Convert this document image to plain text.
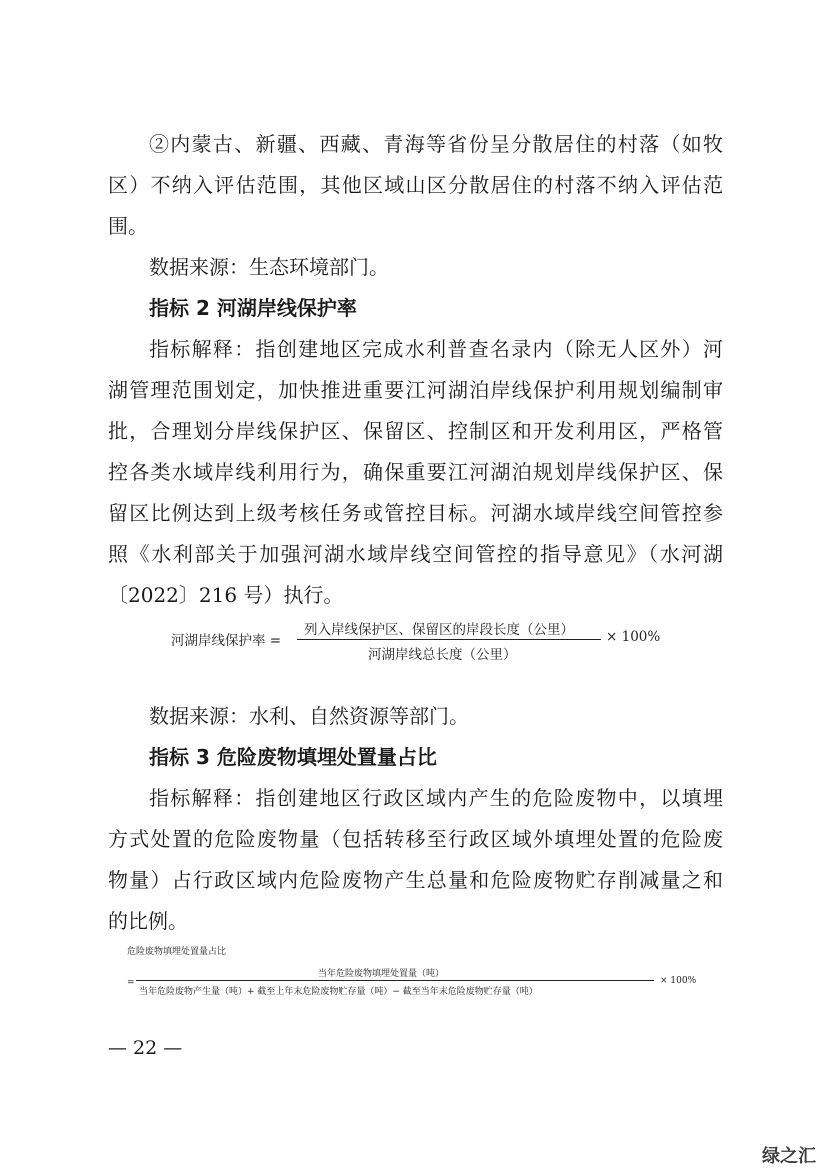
②内蒙古、新疆、西藏、青海等省份呈分散居住的村落（如牧
区）不纳入评估范围，其他区域山区分散居住的村落不纳入评估范
围。
数据来源：生态环境部门。
指标 2 河湖岸线保护率
指标解释：指创建地区完成水利普查名录内（除无人区外）河
湖管理范围划定，加快推进重要江河湖泊岸线保护利用规划编制审
批，合理划分岸线保护区、保留区、控制区和开发利用区，严格管
控各类水域岸线利用行为，确保重要江河湖泊规划岸线保护区、保
留区比例达到上级考核任务或管控目标。河湖水域岸线空间管控参
照《水利部关于加强河湖水域岸线空间管控的指导意见》（水河湖
〔2022〕216 号）执行。
河湖岸线保护率 =
列入岸线保护区、保留区的岸段长度（公里）
河湖岸线总长度（公里）
× 100%
数据来源：水利、自然资源等部门。
指标 3 危险废物填埋处置量占比
指标解释：指创建地区行政区域内产生的危险废物中，以填埋
方式处置的危险废物量（包括转移至行政区域外填埋处置的危险废
物量）占行政区域内危险废物产生总量和危险废物贮存削减量之和
的比例。
危险废物填埋处置量占比
=
当年危险废物填埋处置量（吨）
当年危险废物产生量（吨）+ 截至上年末危险废物贮存量（吨）− 截至当年末危险废物贮存量（吨）
× 100%
— 22 —
绿之汇
